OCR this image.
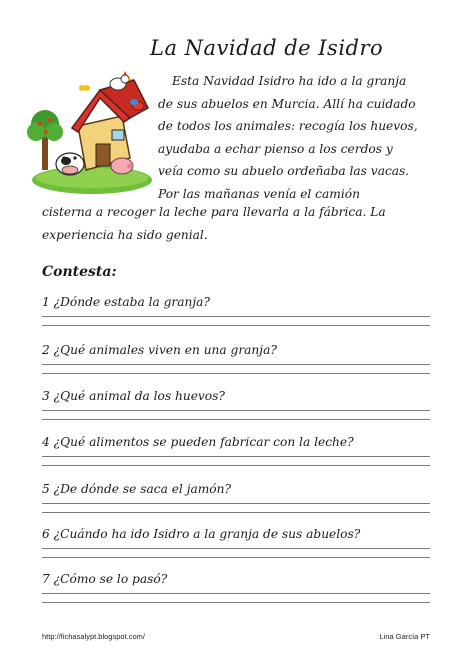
La Navidad de Isidro

Esta Navidad Isidro ha ido a la granja
de sus abuelos en Murcia. Allí ha cuidado
de todos los animales: recogía los huevos,
ayudaba a echar pienso a los cerdos y
veía como su abuelo ordeñaba las vacas.
Por las mañanas venía el camión

cisterna a recoger la leche para llevarla a la fábrica. La
experiencia ha sido genial.

Contesta:
1 ¿Dónde estaba la granja?
2 ¿Qué animales viven en una granja?
3 ¿Qué animal da los huevos?
4 ¿Qué alimentos se pueden fabricar con la leche?
5 ¿De dónde se saca el jamón?
6 ¿Cuándo ha ido Isidro a la granja de sus abuelos?
7 ¿Cómo se lo pasó?
http://fichasalypt.blogspot.com/	Lina García PT
